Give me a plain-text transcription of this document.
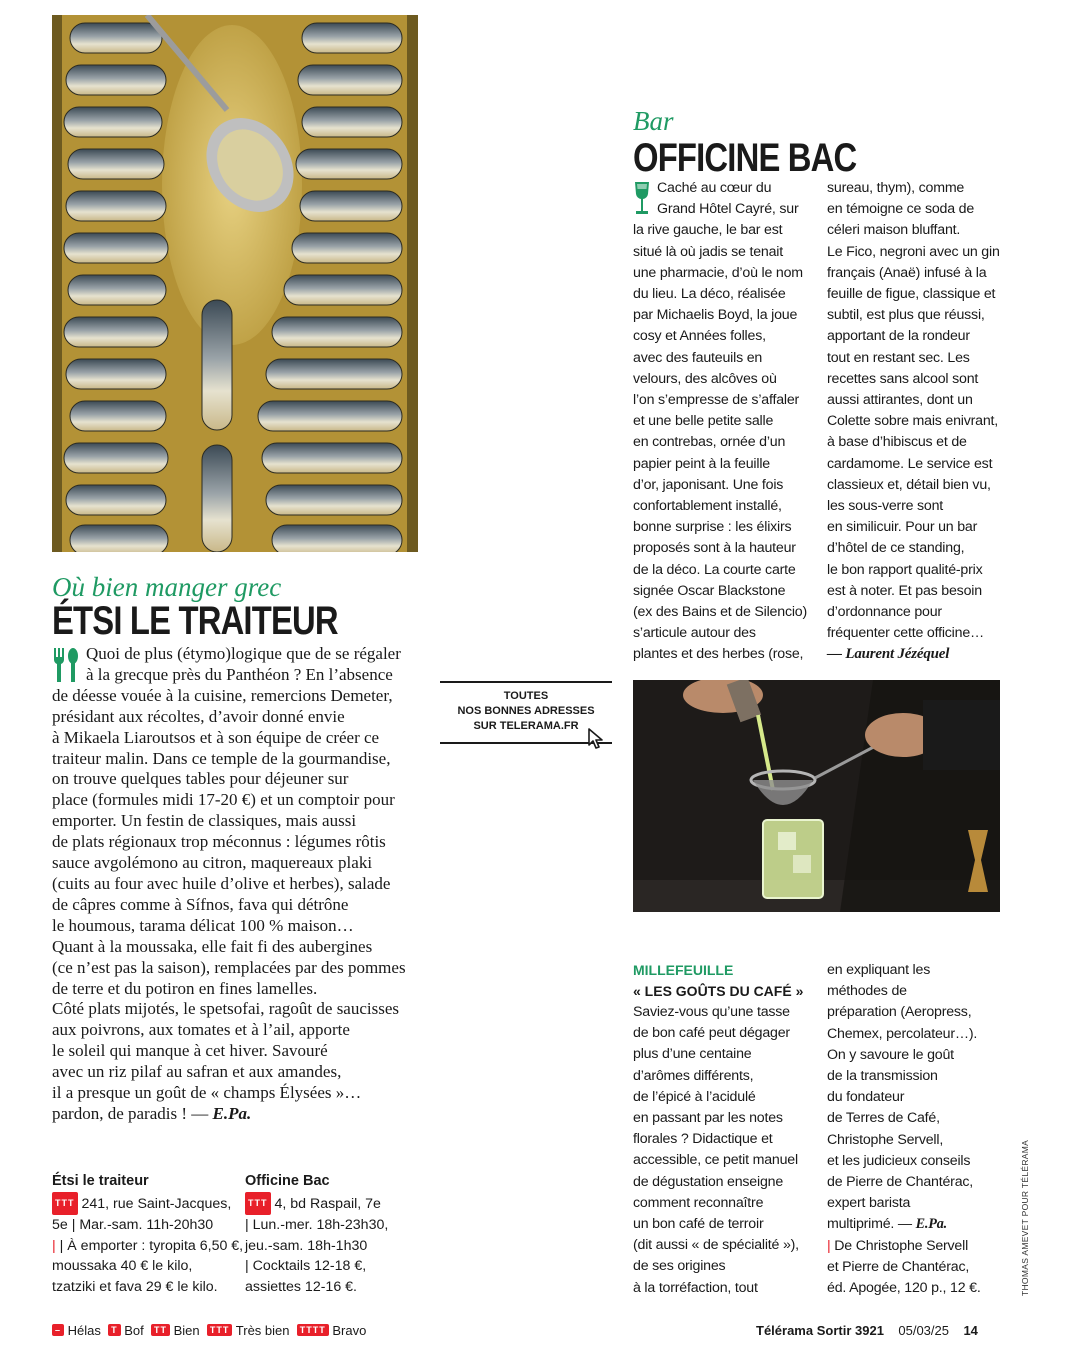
Où bien manger grec
ÉTSI LE TRAITEUR
Quoi de plus (étymo)logique que de se régaler
à la grecque près du Panthéon ? En l’absence
de déesse vouée à la cuisine, remercions Demeter,
présidant aux récoltes, d’avoir donné envie
à Mikaela Liaroutsos et à son équipe de créer ce
traiteur malin. Dans ce temple de la gourmandise,
on trouve quelques tables pour déjeuner sur
place (formules midi 17-20 €) et un comptoir pour
emporter. Un festin de classiques, mais aussi
de plats régionaux trop méconnus : légumes rôtis
sauce avgolémono au citron, maquereaux plaki
(cuits au four avec huile d’olive et herbes), salade
de câpres comme à Sífnos, fava qui détrône
le houmous, tarama délicat 100 % maison…
Quant à la moussaka, elle fait fi des aubergines
(ce n’est pas la saison), remplacées par des pommes
de terre et du potiron en fines lamelles.
Côté plats mijotés, le spetsofai, ragoût de saucisses
aux poivrons, aux tomates et à l’ail, apporte
le soleil qui manque à cet hiver. Savouré
avec un riz pilaf au safran et aux amandes,
il a presque un goût de « champs Élysées »…
pardon, de paradis ! — E.Pa.
TOUTES
NOS BONNES ADRESSES
SUR TELERAMA.FR
Bar
OFFICINE BAC
Caché au cœur du
Grand Hôtel Cayré, sur
la rive gauche, le bar est
situé là où jadis se tenait
une pharmacie, d’où le nom
du lieu. La déco, réalisée
par Michaelis Boyd, la joue
cosy et Années folles,
avec des fauteuils en
velours, des alcôves où
l’on s’empresse de s’affaler
et une belle petite salle
en contrebas, ornée d’un
papier peint à la feuille
d’or, japonisant. Une fois
confortablement installé,
bonne surprise : les élixirs
proposés sont à la hauteur
de la déco. La courte carte
signée Oscar Blackstone
(ex des Bains et de Silencio)
s’articule autour des
plantes et des herbes (rose,
sureau, thym), comme
en témoigne ce soda de
céleri maison bluffant.
Le Fico, negroni avec un gin
français (Anaë) infusé à la
feuille de figue, classique et
subtil, est plus que réussi,
apportant de la rondeur
tout en restant sec. Les
recettes sans alcool sont
aussi attirantes, dont un
Colette sobre mais enivrant,
à base d’hibiscus et de
cardamome. Le service est
classieux et, détail bien vu,
les sous-verre sont
en similicuir. Pour un bar
d’hôtel de ce standing,
le bon rapport qualité-prix
est à noter. Et pas besoin
d’ordonnance pour
fréquenter cette officine…
— Laurent Jézéquel
MILLEFEUILLE
« LES GOÛTS DU CAFÉ »
Saviez-vous qu’une tasse
de bon café peut dégager
plus d’une centaine
d’arômes différents,
de l’épicé à l’acidulé
en passant par les notes
florales ? Didactique et
accessible, ce petit manuel
de dégustation enseigne
comment reconnaître
un bon café de terroir
(dit aussi « de spécialité »),
de ses origines
à la torréfaction, tout
en expliquant les
méthodes de
préparation (Aeropress,
Chemex, percolateur…).
On y savoure le goût
de la transmission
du fondateur
de Terres de Café,
Christophe Servell,
et les judicieux conseils
de Pierre de Chantérac,
expert barista
multiprimé. — E.Pa.
| De Christophe Servell
et Pierre de Chantérac,
éd. Apogée, 120 p., 12 €.
Étsi le traiteur
TTT 241, rue Saint-Jacques,
5e | Mar.-sam. 11h-20h30
| | À emporter : tyropita 6,50 €,
moussaka 40 € le kilo,
tzatziki et fava 29 € le kilo.
Officine Bac
TTT 4, bd Raspail, 7e
| Lun.-mer. 18h-23h30,
jeu.-sam. 18h-1h30
| Cocktails 12-18 €,
assiettes 12-16 €.	THOMAS AMEVET POUR TÉLÉRAMA
– Hélas T Bof TT Bien TTT Très bien TTTT Bravo	Télérama Sortir 3921 05/03/25 14
